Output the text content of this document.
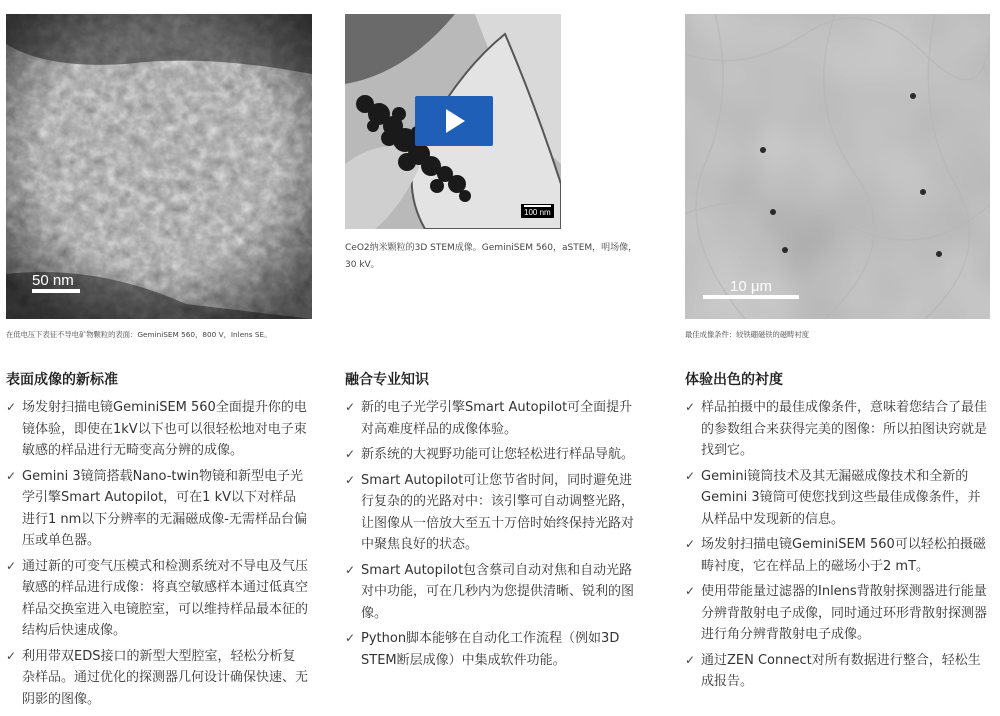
50 nm
在低电压下表征不导电矿物颗粒的表面：GeminiSEM 560，800 V，Inlens SE。
表面成像的新标准
✓ 场发射扫描电镜GeminiSEM 560全面提升你的电镜体验，即使在1kV以下也可以很轻松地对电子束敏感的样品进行无畸变高分辨的成像。
✓ Gemini 3镜筒搭载Nano-twin物镜和新型电子光学引擎Smart Autopilot，可在1 kV以下对样品进行1 nm以下分辨率的无漏磁成像-无需样品台偏压或单色器。
✓ 通过新的可变气压模式和检测系统对不导电及气压敏感的样品进行成像：将真空敏感样本通过低真空样品交换室进入电镜腔室，可以维持样品最本征的结构后快速成像。
✓ 利用带双EDS接口的新型大型腔室，轻松分析复杂样品。通过优化的探测器几何设计确保快速、无阴影的图像。
100 nm
CeO2纳米颗粒的3D STEM成像。GeminiSEM 560，aSTEM，明场像，30 kV。
融合专业知识
✓ 新的电子光学引擎Smart Autopilot可全面提升对高难度样品的成像体验。
✓ 新系统的大视野功能可让您轻松进行样品导航。
✓ Smart Autopilot可让您节省时间，同时避免进行复杂的的光路对中：该引擎可自动调整光路，让图像从一倍放大至五十万倍时始终保持光路对中聚焦良好的状态。
✓ Smart Autopilot包含蔡司自动对焦和自动光路对中功能，可在几秒内为您提供清晰、锐利的图像。
✓ Python脚本能够在自动化工作流程（例如3D STEM断层成像）中集成软件功能。
10 μm
最佳成像条件：较铁硼磁铁的磁畴衬度
体验出色的衬度
✓ 样品拍摄中的最佳成像条件，意味着您结合了最佳的参数组合来获得完美的图像：所以拍图诀窍就是找到它。
✓ Gemini镜筒技术及其无漏磁成像技术和全新的Gemini 3镜筒可使您找到这些最佳成像条件，并从样品中发现新的信息。
✓ 场发射扫描电镜GeminiSEM 560可以轻松拍摄磁畴衬度，它在样品上的磁场小于2 mT。
✓ 使用带能量过滤器的Inlens背散射探测器进行能量分辨背散射电子成像，同时通过环形背散射探测器进行角分辨背散射电子成像。
✓ 通过ZEN Connect对所有数据进行整合，轻松生成报告。
